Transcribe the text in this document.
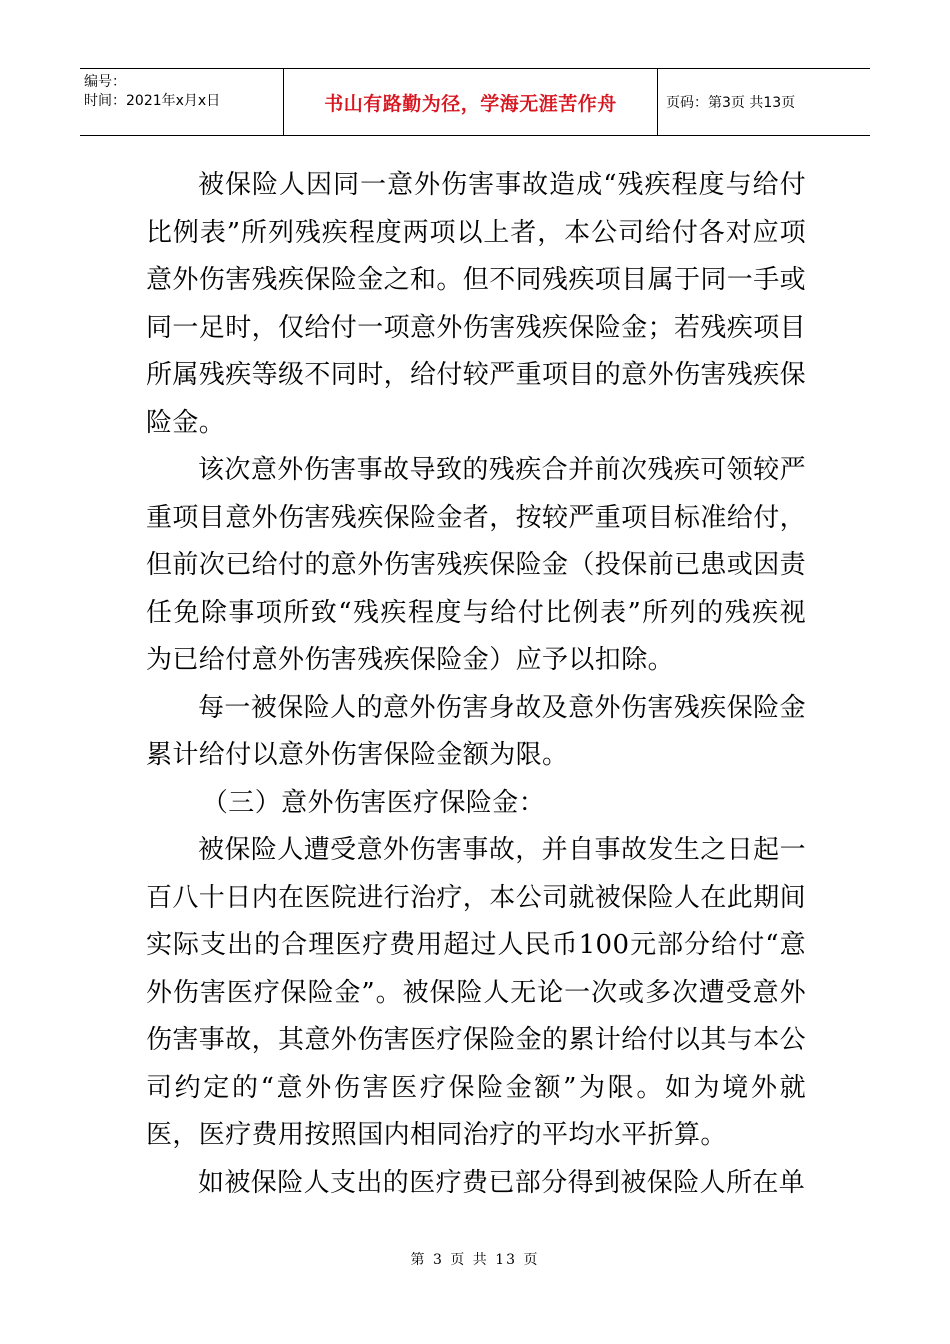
编号：
时间：2021年x月x日	书山有路勤为径，学海无涯苦作舟	页码：第3页 共13页

被保险人因同一意外伤害事故造成“残疾程度与给付比例表”所列残疾程度两项以上者，本公司给付各对应项意外伤害残疾保险金之和。但不同残疾项目属于同一手或同一足时，仅给付一项意外伤害残疾保险金；若残疾项目所属残疾等级不同时，给付较严重项目的意外伤害残疾保险金。

该次意外伤害事故导致的残疾合并前次残疾可领较严重项目意外伤害残疾保险金者，按较严重项目标准给付，但前次已给付的意外伤害残疾保险金（投保前已患或因责任免除事项所致“残疾程度与给付比例表”所列的残疾视为已给付意外伤害残疾保险金）应予以扣除。

每一被保险人的意外伤害身故及意外伤害残疾保险金累计给付以意外伤害保险金额为限。

（三）意外伤害医疗保险金：

被保险人遭受意外伤害事故，并自事故发生之日起一百八十日内在医院进行治疗，本公司就被保险人在此期间实际支出的合理医疗费用超过人民币100元部分给付“意外伤害医疗保险金”。被保险人无论一次或多次遭受意外伤害事故，其意外伤害医疗保险金的累计给付以其与本公司约定的“意外伤害医疗保险金额”为限。如为境外就医，医疗费用按照国内相同治疗的平均水平折算。

如被保险人支出的医疗费已部分得到被保险人所在单

第 3 页 共 13 页
